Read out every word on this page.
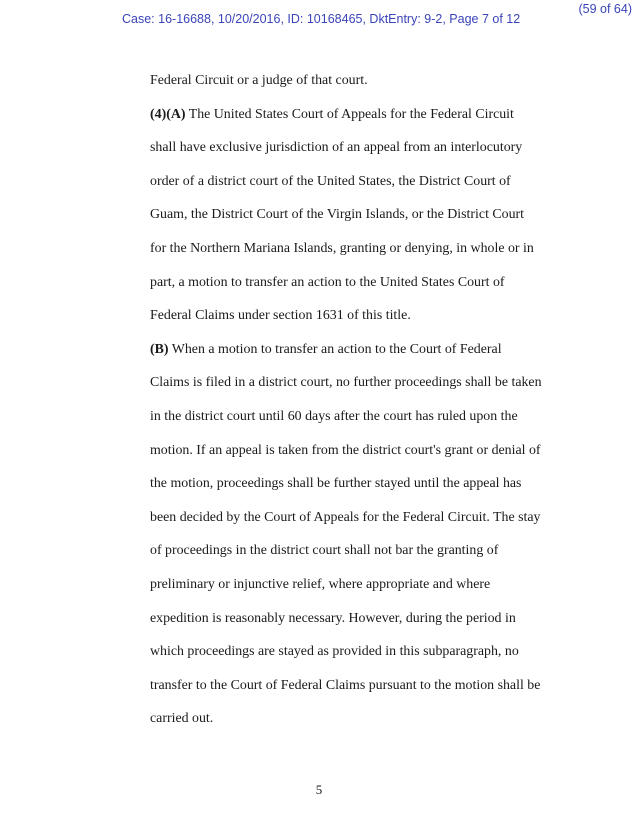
(59 of 64)
Case: 16-16688, 10/20/2016, ID: 10168465, DktEntry: 9-2, Page 7 of 12
Federal Circuit or a judge of that court.
(4)(A) The United States Court of Appeals for the Federal Circuit
shall have exclusive jurisdiction of an appeal from an interlocutory
order of a district court of the United States, the District Court of
Guam, the District Court of the Virgin Islands, or the District Court
for the Northern Mariana Islands, granting or denying, in whole or in
part, a motion to transfer an action to the United States Court of
Federal Claims under section 1631 of this title.
(B) When a motion to transfer an action to the Court of Federal
Claims is filed in a district court, no further proceedings shall be taken
in the district court until 60 days after the court has ruled upon the
motion. If an appeal is taken from the district court's grant or denial of
the motion, proceedings shall be further stayed until the appeal has
been decided by the Court of Appeals for the Federal Circuit. The stay
of proceedings in the district court shall not bar the granting of
preliminary or injunctive relief, where appropriate and where
expedition is reasonably necessary. However, during the period in
which proceedings are stayed as provided in this subparagraph, no
transfer to the Court of Federal Claims pursuant to the motion shall be
carried out.
5
